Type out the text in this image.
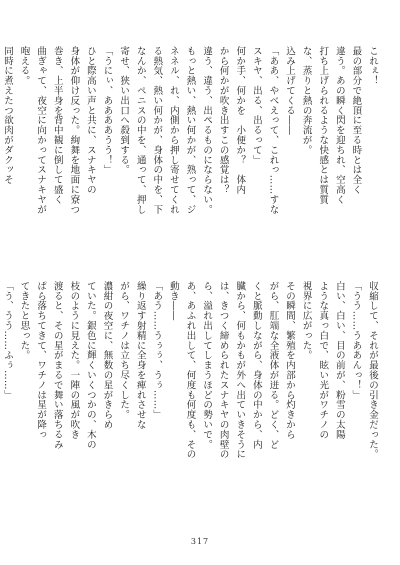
これぇ！
最の部分で絶頂に至る時とは全く
違う。あの瞬く閃を迎ちれ、空高く
打ち上げられるような快感とは質質
な、蒸りと熱の奔流が。
込み上げてくる――
「ああ、やべえって、これっ……すな
スキヤ、出る、出るって」
何か手、何かを　小便か？　体内
から何かが吹き出すこの感覚は？
違う、違う、出ぺるものにならない。
もっと熱い、熱い何かが、熟って、ジ
ネネル、れ、内側から押し寄せてくれ
る熱気、熱い何かが、身体の中を、下
なんか、ペニスの中を、通って、押し
寄せ、狭い出口へ殺到する。
「うにぃ、ああああうう！」
ひと際高い声と共に、スナキヤの
身体が仰け反った。絢舞を地面に寮つ
巻き、上半身を背中観に倒して盛く
曲ぎゃて、夜空に向かってスナキヤが
咆える。
同時に煮えたつ欲肉がダクッそ
収縮して、それが最後の引き金だった。
「うう……うああんっ！」
白い、白い、目の前が、粉雪の太陽
ような真っ白で、眩い光がワチノの
視界に広がった。
その瞬間、繁殖を内部から灼きから
がら、肛端な全液体が迸る。どく、ど
くと脈動しながら、身体の中から、内
臓から、何もかもが外へ出ていきそうに
は、きつく締められたスナキヤの肉壁の
ら、溢れ出してしまうほどの勢いで。
あ、あふれ出して、何度も何度も、その
動き――
「あう……うぅぅ、うぅ……」
繰り返す射精に全身を痺れさせな
がら、ワチノは立ち尽くした。
濃紺の夜空に、無数の星がきらめ
ていた。銀色に輝くいくつかの、木の
枝のように見えた。一陣の風が吹き
渡ると、その星がまるで舞い落ちるみ
ぱら落ちてきて、ワチノは星が降っ
てきたと思った。
「う、うう……ふぅ……」
317
